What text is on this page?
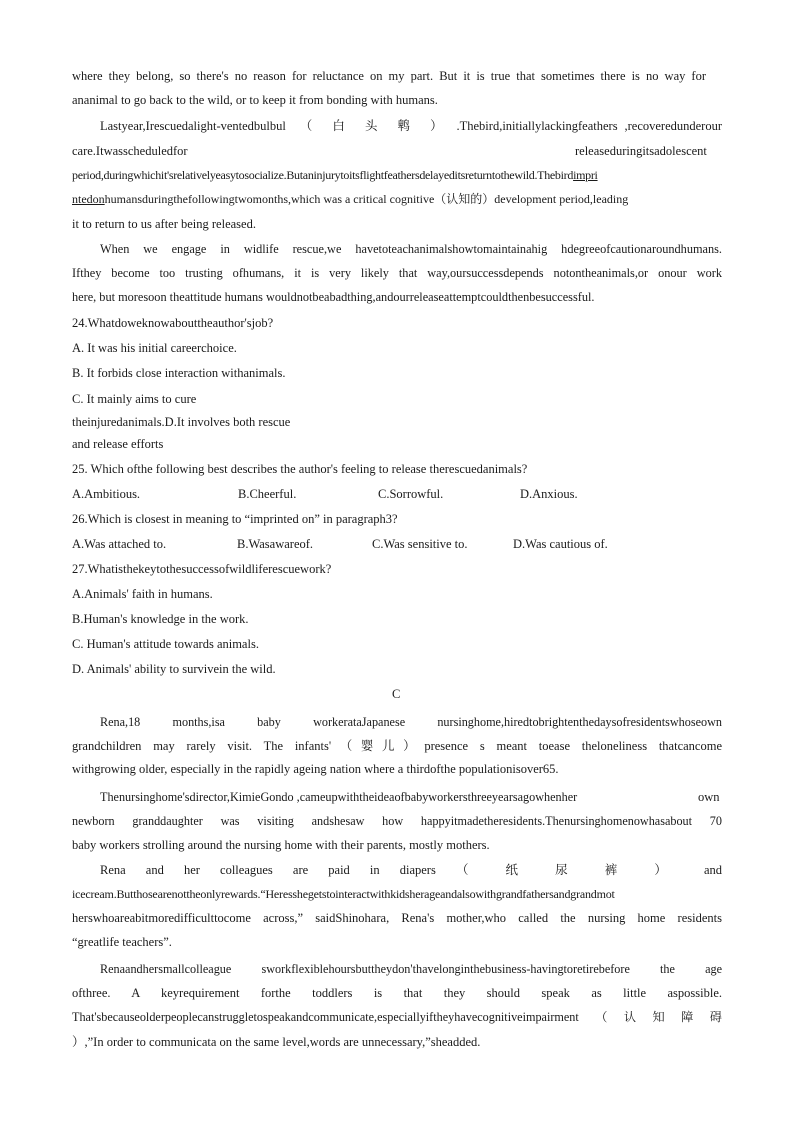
where they belong, so there's no reason for reluctance on my part. But it is true that sometimes there is no way for
ananimal to go back to the wild, or to keep it from bonding with humans.
Lastyear,Irescuedalight-ventedbulbul　（　白　头　鹎　）　.Thebird,initiallylackingfeathers ,recoveredunderour
care.Itwasscheduledfor	releaseduringitsadolescent
period,duringwhichit'srelativelyeasytosocialize.Butaninjurytoitsflightfeathersdelayeditsreturntothewild.Thebirdimpri
ntedonhumansduringthefollowingtwomonths,which was a critical cognitive（认知的）development period,leading
it to return to us after being released.
When we engage in widlife rescue,we havetoteachanimalshowtomaintainahig hdegreeofcautionaroundhumans.
Ifthey become too trusting ofhumans, it is very likely that way,oursuccessdepends notontheanimals,or onour work
here, but moresoon theattitude humans wouldnotbeabadthing,andourreleaseattemptcouldthenbesuccessful.
24.Whatdoweknowabouttheauthor'sjob?
A. It was his initial careerchoice.
B. It forbids close interaction withanimals.
C. It mainly aims to cure
theinjuredanimals.D.It involves both rescue
and release efforts
25. Which ofthe following best describes the author's feeling to release therescuedanimals?
A.Ambitious.	B.Cheerful.	C.Sorrowful.	D.Anxious.
26.Which is closest in meaning to “imprinted on” in paragraph3?
A.Was attached to.	B.Wasawareof.	C.Was sensitive to.	D.Was cautious of.
27.Whatisthekeytothesuccessofwildliferescuework?
A.Animals' faith in humans.
B.Human's knowledge in the work.
C. Human's attitude towards animals.
D. Animals' ability to survivein the wild.
C
Rena,18 months,isa baby workerataJapanese nursinghome,hiredtobrightenthedaysofresidentswhoseown
grandchildren may rarely visit. The infants'（婴儿）presence s meant toease theloneliness thatcancome
withgrowing older, especially in the rapidly ageing nation where a thirdofthe populationisover65.
Thenursinghome'sdirector,KimieGondo ,cameupwiththeideaofbabyworkersthreeyearsagowhenher	own
newborn granddaughter was visiting andshesaw how happyitmadetheresidents.Thenursinghomenowhasabout 70
baby workers strolling around the nursing home with their parents, mostly mothers.
Rena and her colleagues are paid in diapers （ 纸 尿 裤 ） and
icecream.Butthosearenottheonlyrewards.“Heresshegetstointeractwithkidsheragеandalsowithgrandfathersandgrandmot
herswhoareabitmoredifficulttocome across,” saidShinohara, Rena's mother,who called the nursing home residents
“greatlife teachers”.
Renaandhersmallcolleague sworkflexiblehoursbuttheydon'thavelonginthebusiness-havingtoretirebefore the age
ofthree. A keyrequirement forthe toddlers is that they should speak as little aspossible.
That'sbecauseolderpeoplecanstruggletospeakandcommunicate,especiallyiftheyhavecognitiveimpairment（认知障碍
）,”In order to communicata on the same level,words are unnecessary,”sheadded.
